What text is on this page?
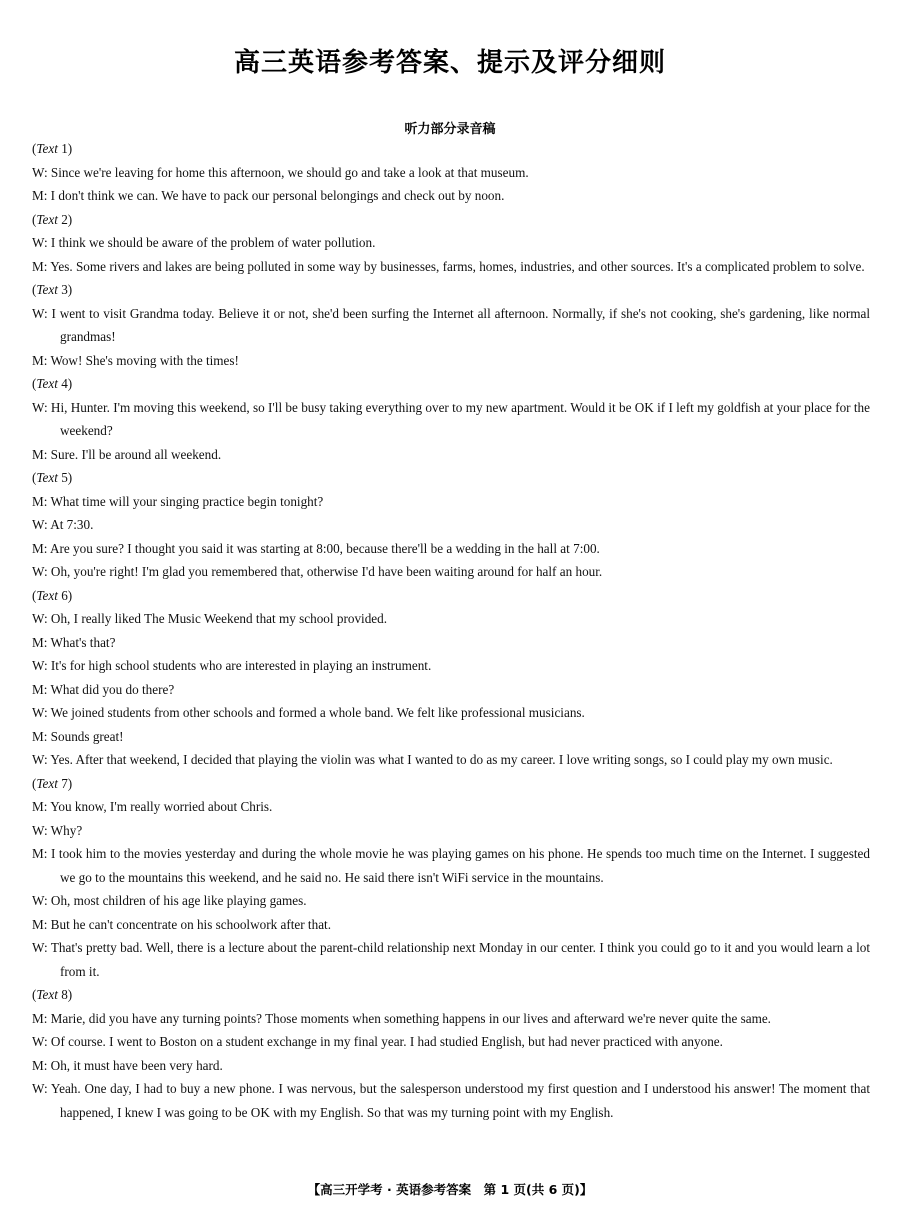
高三英语参考答案、提示及评分细则
听力部分录音稿
(Text 1)
W: Since we're leaving for home this afternoon, we should go and take a look at that museum.
M: I don't think we can. We have to pack our personal belongings and check out by noon.
(Text 2)
W: I think we should be aware of the problem of water pollution.
M: Yes. Some rivers and lakes are being polluted in some way by businesses, farms, homes, industries, and other sources. It's a complicated problem to solve.
(Text 3)
W: I went to visit Grandma today. Believe it or not, she'd been surfing the Internet all afternoon. Normally, if she's not cooking, she's gardening, like normal grandmas!
M: Wow! She's moving with the times!
(Text 4)
W: Hi, Hunter. I'm moving this weekend, so I'll be busy taking everything over to my new apartment. Would it be OK if I left my goldfish at your place for the weekend?
M: Sure. I'll be around all weekend.
(Text 5)
M: What time will your singing practice begin tonight?
W: At 7:30.
M: Are you sure? I thought you said it was starting at 8:00, because there'll be a wedding in the hall at 7:00.
W: Oh, you're right! I'm glad you remembered that, otherwise I'd have been waiting around for half an hour.
(Text 6)
W: Oh, I really liked The Music Weekend that my school provided.
M: What's that?
W: It's for high school students who are interested in playing an instrument.
M: What did you do there?
W: We joined students from other schools and formed a whole band. We felt like professional musicians.
M: Sounds great!
W: Yes. After that weekend, I decided that playing the violin was what I wanted to do as my career. I love writing songs, so I could play my own music.
(Text 7)
M: You know, I'm really worried about Chris.
W: Why?
M: I took him to the movies yesterday and during the whole movie he was playing games on his phone. He spends too much time on the Internet. I suggested we go to the mountains this weekend, and he said no. He said there isn't WiFi service in the mountains.
W: Oh, most children of his age like playing games.
M: But he can't concentrate on his schoolwork after that.
W: That's pretty bad. Well, there is a lecture about the parent-child relationship next Monday in our center. I think you could go to it and you would learn a lot from it.
(Text 8)
M: Marie, did you have any turning points? Those moments when something happens in our lives and afterward we're never quite the same.
W: Of course. I went to Boston on a student exchange in my final year. I had studied English, but had never practiced with anyone.
M: Oh, it must have been very hard.
W: Yeah. One day, I had to buy a new phone. I was nervous, but the salesperson understood my first question and I understood his answer! The moment that happened, I knew I was going to be OK with my English. So that was my turning point with my English.
【高三开学考 · 英语参考答案　第 1 页(共 6 页)】
